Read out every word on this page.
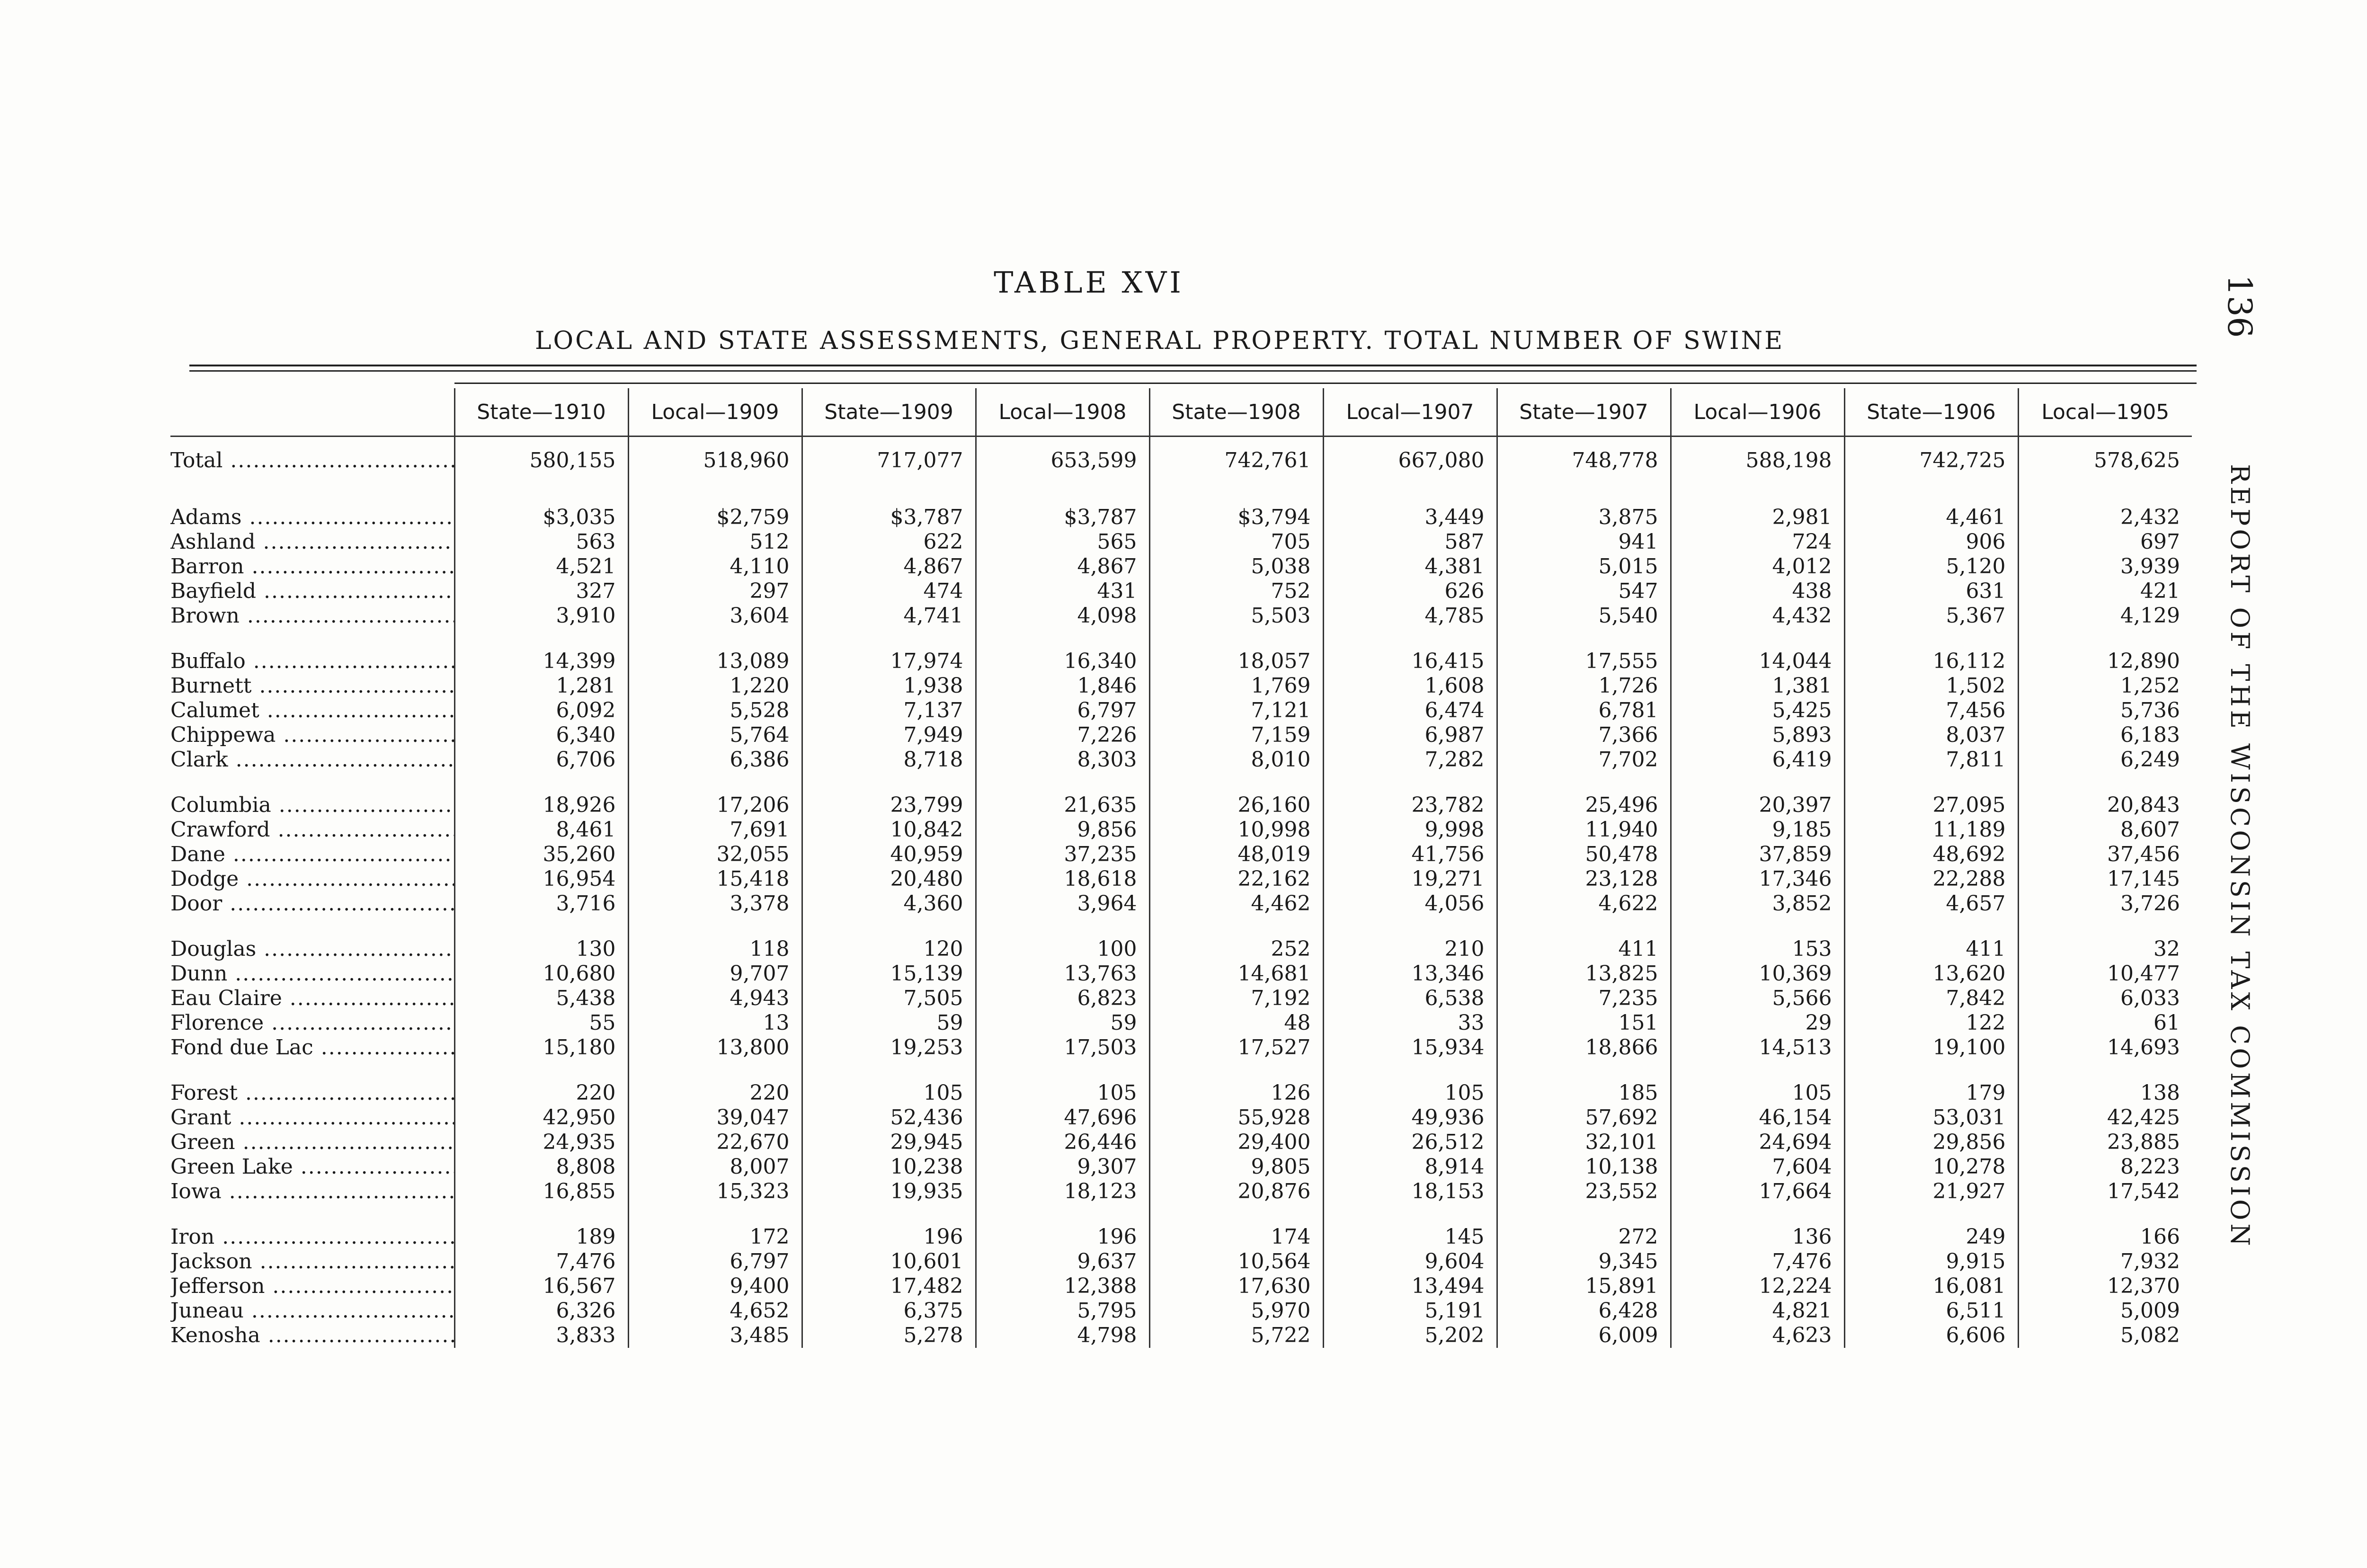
TABLE XVI
LOCAL AND STATE ASSESSMENTS, GENERAL PROPERTY. TOTAL NUMBER OF SWINE
136
REPORT OF THE WISCONSIN TAX COMMISSION
	State—1910	Local—1909	State—1909	Local—1908	State—1908	Local—1907	State—1907	Local—1906	State—1906	Local—1905
Total .....	580,155	518,960	717,077	653,599	742,761	667,080	748,778	588,198	742,725	578,625

Adams .....	$3,035	$2,759	$3,787	$3,787	$3,794	3,449	3,875	2,981	4,461	2,432
Ashland .....	563	512	622	565	705	587	941	724	906	697
Barron .....	4,521	4,110	4,867	4,867	5,038	4,381	5,015	4,012	5,120	3,939
Bayfield .....	327	297	474	431	752	626	547	438	631	421
Brown .....	3,910	3,604	4,741	4,098	5,503	4,785	5,540	4,432	5,367	4,129

Buffalo .....	14,399	13,089	17,974	16,340	18,057	16,415	17,555	14,044	16,112	12,890
Burnett .....	1,281	1,220	1,938	1,846	1,769	1,608	1,726	1,381	1,502	1,252
Calumet .....	6,092	5,528	7,137	6,797	7,121	6,474	6,781	5,425	7,456	5,736
Chippewa .....	6,340	5,764	7,949	7,226	7,159	6,987	7,366	5,893	8,037	6,183
Clark .....	6,706	6,386	8,718	8,303	8,010	7,282	7,702	6,419	7,811	6,249

Columbia .....	18,926	17,206	23,799	21,635	26,160	23,782	25,496	20,397	27,095	20,843
Crawford .....	8,461	7,691	10,842	9,856	10,998	9,998	11,940	9,185	11,189	8,607
Dane .....	35,260	32,055	40,959	37,235	48,019	41,756	50,478	37,859	48,692	37,456
Dodge .....	16,954	15,418	20,480	18,618	22,162	19,271	23,128	17,346	22,288	17,145
Door .....	3,716	3,378	4,360	3,964	4,462	4,056	4,622	3,852	4,657	3,726

Douglas .....	130	118	120	100	252	210	411	153	411	32
Dunn .....	10,680	9,707	15,139	13,763	14,681	13,346	13,825	10,369	13,620	10,477
Eau Claire .....	5,438	4,943	7,505	6,823	7,192	6,538	7,235	5,566	7,842	6,033
Florence .....	55	13	59	59	48	33	151	29	122	61
Fond due Lac .....	15,180	13,800	19,253	17,503	17,527	15,934	18,866	14,513	19,100	14,693

Forest .....	220	220	105	105	126	105	185	105	179	138
Grant .....	42,950	39,047	52,436	47,696	55,928	49,936	57,692	46,154	53,031	42,425
Green .....	24,935	22,670	29,945	26,446	29,400	26,512	32,101	24,694	29,856	23,885
Green Lake .....	8,808	8,007	10,238	9,307	9,805	8,914	10,138	7,604	10,278	8,223
Iowa .....	16,855	15,323	19,935	18,123	20,876	18,153	23,552	17,664	21,927	17,542

Iron .....	189	172	196	196	174	145	272	136	249	166
Jackson .....	7,476	6,797	10,601	9,637	10,564	9,604	9,345	7,476	9,915	7,932
Jefferson .....	16,567	9,400	17,482	12,388	17,630	13,494	15,891	12,224	16,081	12,370
Juneau .....	6,326	4,652	6,375	5,795	5,970	5,191	6,428	4,821	6,511	5,009
Kenosha .....	3,833	3,485	5,278	4,798	5,722	5,202	6,009	4,623	6,606	5,082
